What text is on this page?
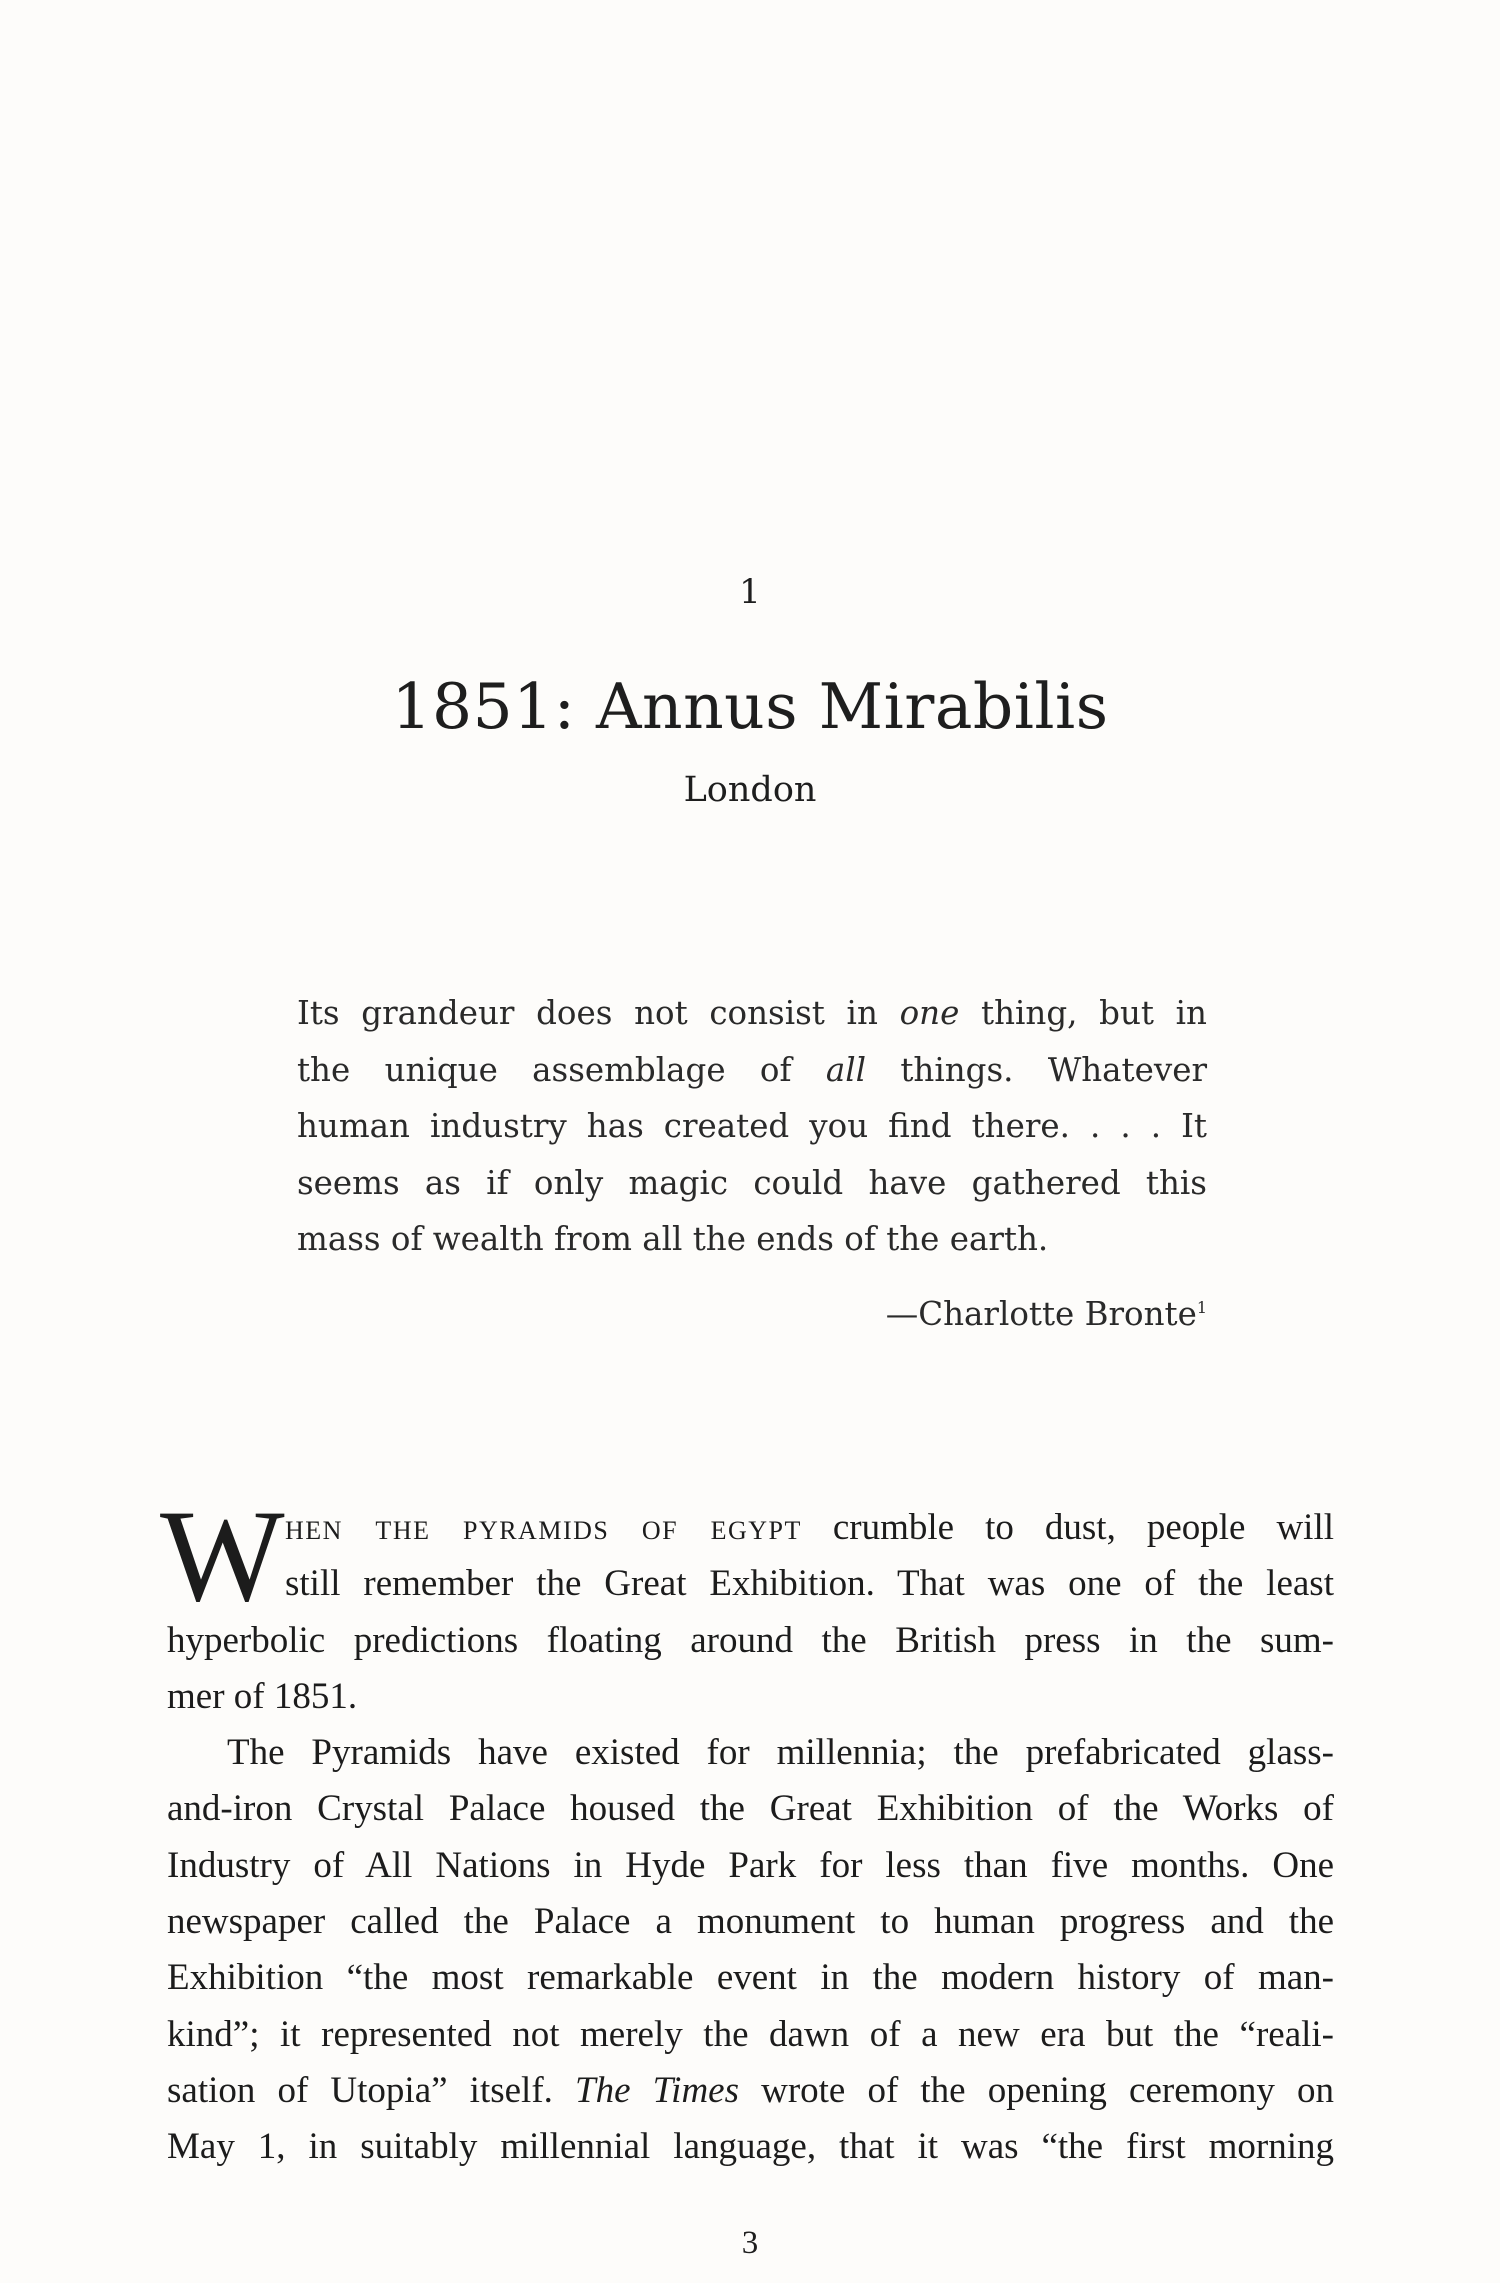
1
1851: Annus Mirabilis
London
Its grandeur does not consist in one thing, but in
the unique assemblage of all things. Whatever
human industry has created you find there. . . . It
seems as if only magic could have gathered this
mass of wealth from all the ends of the earth.
—Charlotte Bronte$^1$
W hen the pyramids of egypt crumble to dust, people will
still remember the Great Exhibition. That was one of the least
hyperbolic predictions floating around the British press in the sum-
mer of 1851.
The Pyramids have existed for millennia; the prefabricated glass-
and-iron Crystal Palace housed the Great Exhibition of the Works of
Industry of All Nations in Hyde Park for less than five months. One
newspaper called the Palace a monument to human progress and the
Exhibition “the most remarkable event in the modern history of man-
kind”; it represented not merely the dawn of a new era but the “reali-
sation of Utopia” itself. The Times wrote of the opening ceremony on
May 1, in suitably millennial language, that it was “the first morning
3
